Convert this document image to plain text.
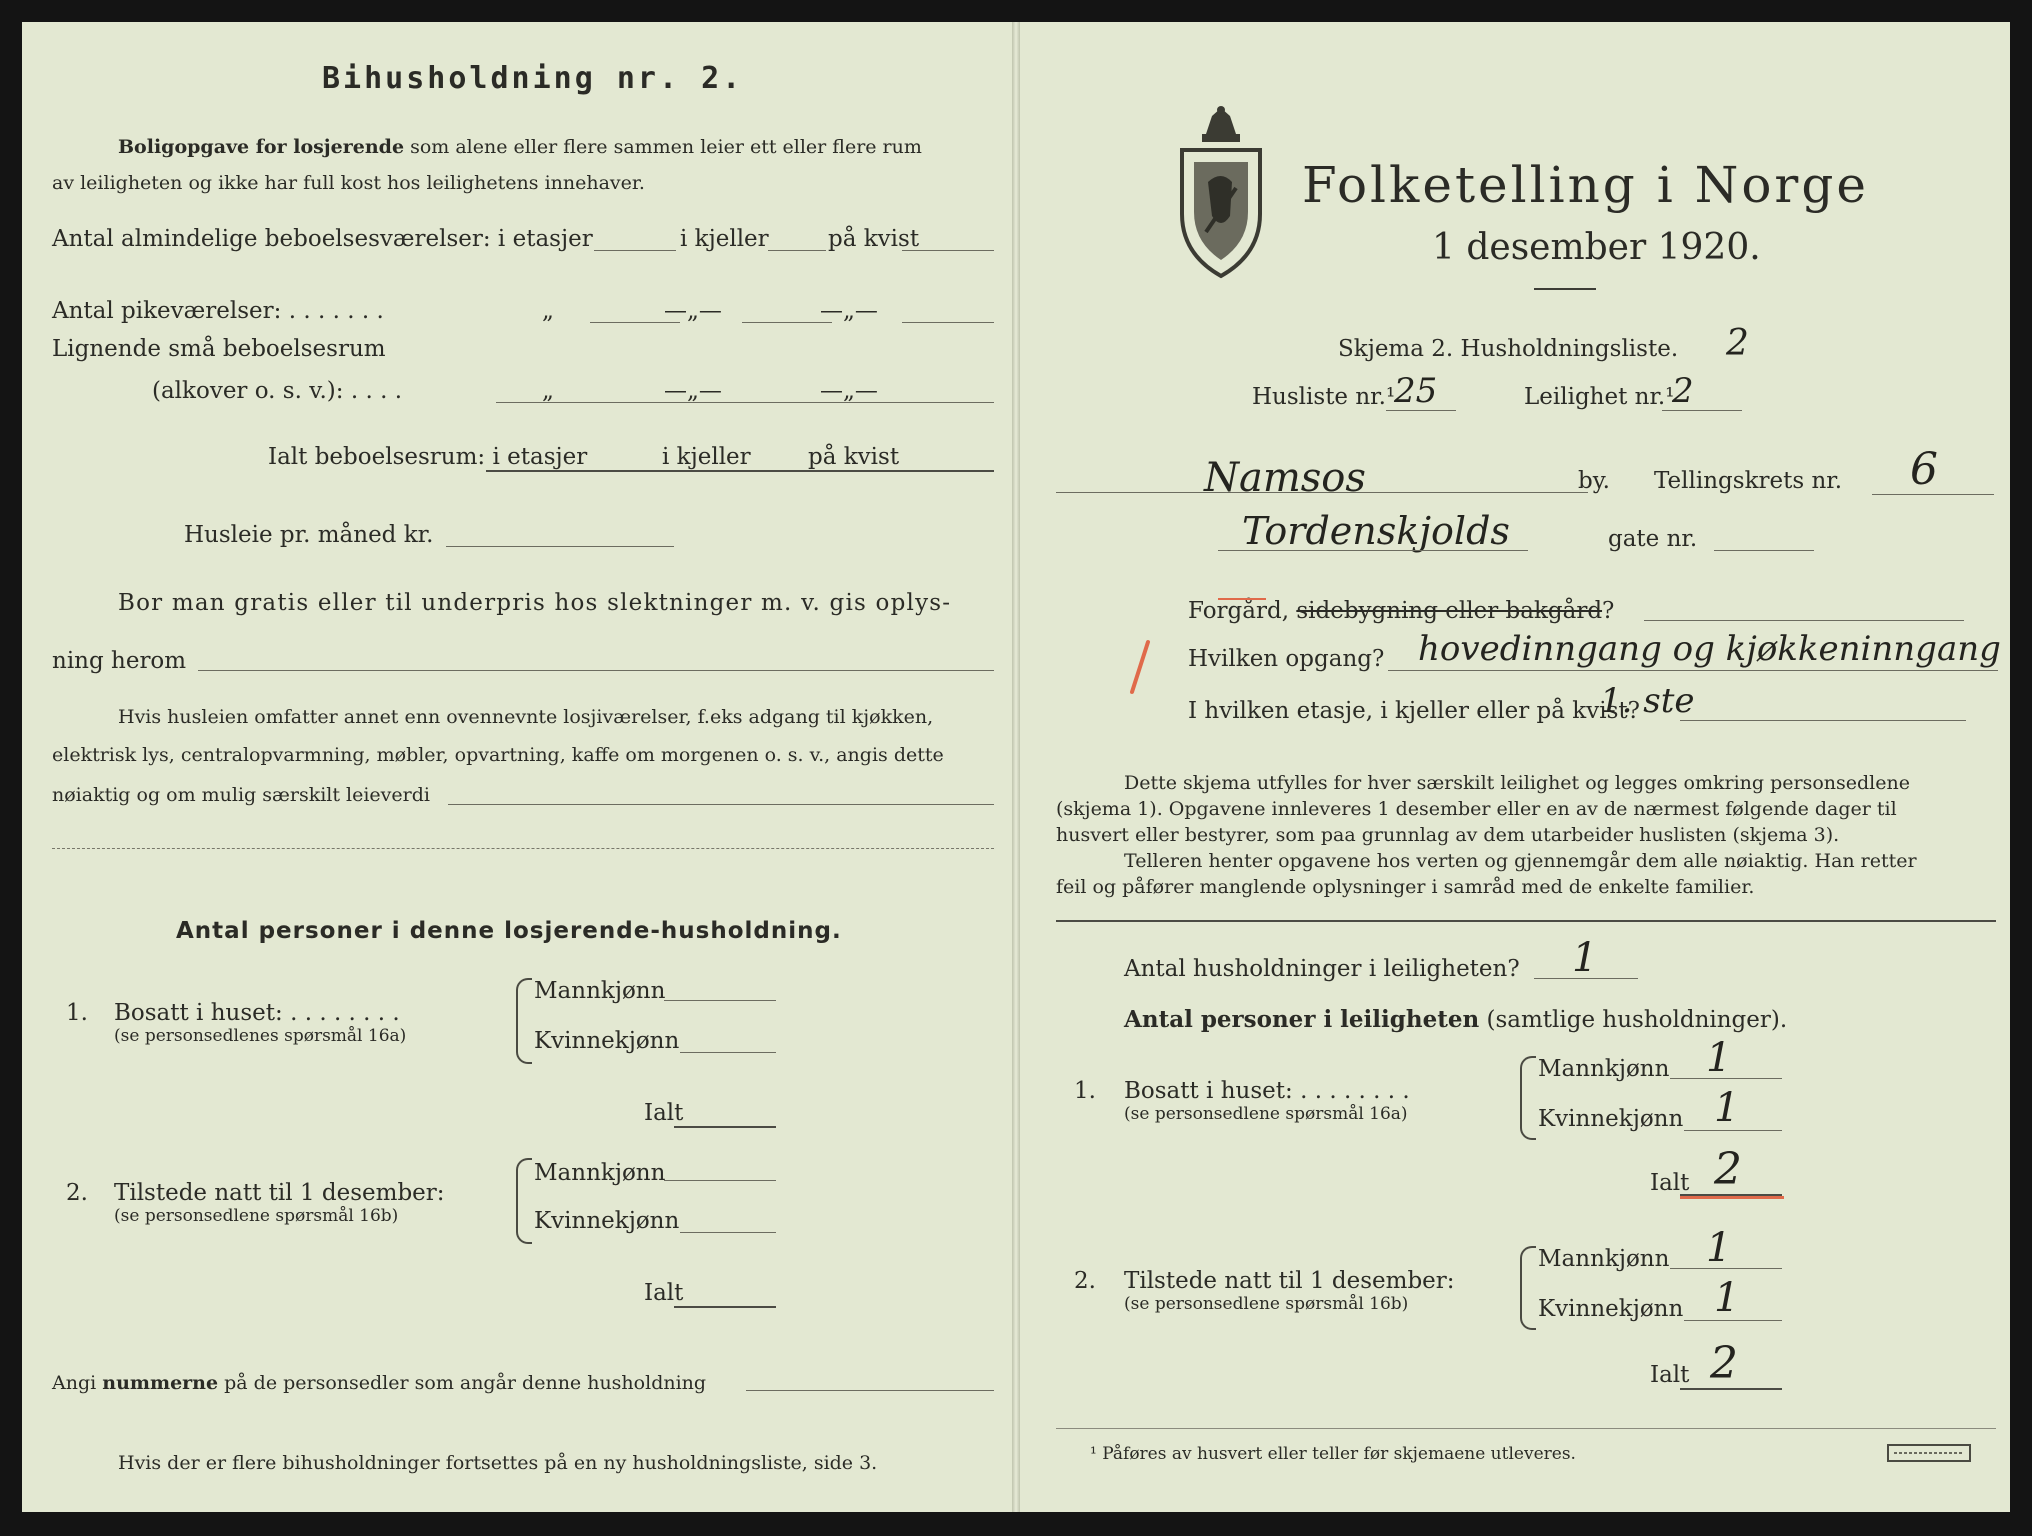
Bihusholdning nr. 2.
Boligopgave for losjerende som alene eller flere sammen leier ett eller flere rum
av leiligheten og ikke har full kost hos leilighetens innehaver.
Antal almindelige beboelsesværelser: i etasjer	i kjeller	på kvist
Antal pikeværelser: . . . . . . .	„	—„—	—„—
Lignende små beboelsesrum
(alkover o. s. v.): . . . .	„	—„—	—„—
Ialt beboelsesrum: i etasjer	i kjeller på kvist
Husleie pr. måned kr.
Bor man gratis eller til underpris hos slektninger m. v. gis oplys-
ning herom
Hvis husleien omfatter annet enn ovennevnte losjiværelser, f.eks adgang til kjøkken,
elektrisk lys, centralopvarmning, møbler, opvartning, kaffe om morgenen o. s. v., angis dette
nøiaktig og om mulig særskilt leieverdi
Antal personer i denne losjerende-husholdning.
1. Bosatt i huset: . . . . . . . .
(se personsedlenes spørsmål 16a)
Mannkjønn
Kvinnekjønn
Ialt
2. Tilstede natt til 1 desember:
(se personsedlene spørsmål 16b)
Mannkjønn
Kvinnekjønn
Ialt
Angi nummerne på de personsedler som angår denne husholdning
Hvis der er flere bihusholdninger fortsettes på en ny husholdningsliste, side 3.
Folketelling i Norge
1 desember 1920.
Skjema 2. Husholdningsliste. 2
Husliste nr.¹
25	Leilighet nr.¹
2
Namsos	by. Tellingskrets nr. 6
Tordenskjolds	gate nr.
Forgård, sidebygning eller bakgård?
Hvilken opgang? hovedinngang og kjøkkeninngang
I hvilken etasje, i kjeller eller på kvist?
1. ste
Dette skjema utfylles for hver særskilt leilighet og legges omkring personsedlene
(skjema 1). Opgavene innleveres 1 desember eller en av de nærmest følgende dager til
husvert eller bestyrer, som paa grunnlag av dem utarbeider huslisten (skjema 3).
Telleren henter opgavene hos verten og gjennemgår dem alle nøiaktig. Han retter
feil og påfører manglende oplysninger i samråd med de enkelte familier.
Antal husholdninger i leiligheten? 1
Antal personer i leiligheten (samtlige husholdninger).
1. Bosatt i huset: . . . . . . . .
(se personsedlene spørsmål 16a)
Mannkjønn 1
Kvinnekjønn 1
Ialt 2
2. Tilstede natt til 1 desember:
(se personsedlene spørsmål 16b)
Mannkjønn 1
Kvinnekjønn 1
Ialt 2
¹ Påføres av husvert eller teller før skjemaene utleveres.
